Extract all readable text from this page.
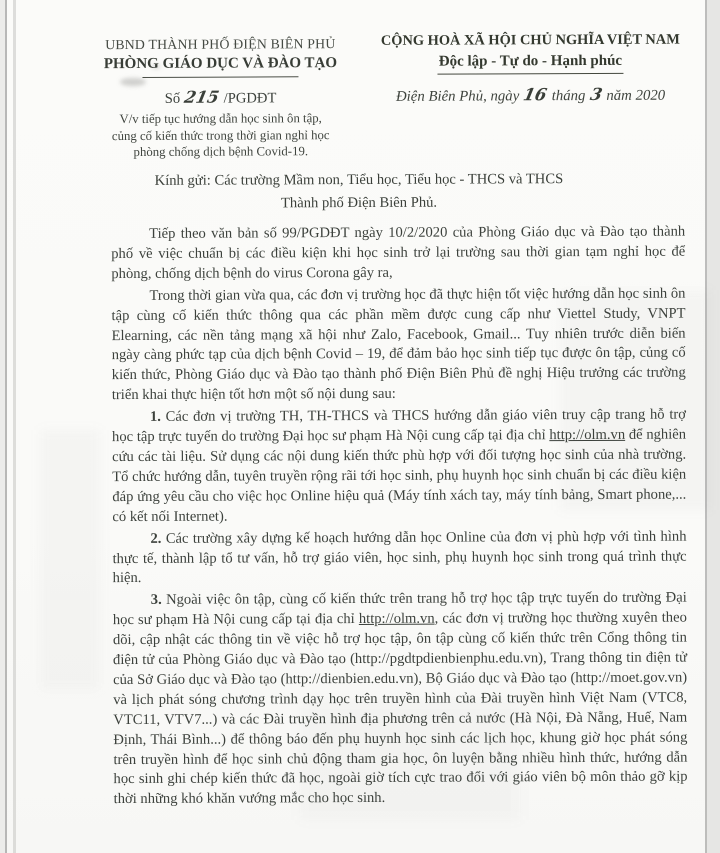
UBND THÀNH PHỐ ĐIỆN BIÊN PHỦ
PHÒNG GIÁO DỤC VÀ ĐÀO TẠO
CỘNG HOÀ XÃ HỘI CHỦ NGHĨA VIỆT NAM
Độc lập - Tự do - Hạnh phúc
Số 215 /PGDĐT	Điện Biên Phủ, ngày 16 tháng 3 năm 2020
V/v tiếp tục hướng dẫn học sinh ôn tập,
củng cố kiến thức trong thời gian nghỉ học
phòng chống dịch bệnh Covid-19.
Kính gửi: Các trường Mầm non, Tiểu học, Tiểu học - THCS và THCS
Thành phố Điện Biên Phủ.

Tiếp theo văn bản số 99/PGDĐT ngày 10/2/2020 của Phòng Giáo dục và Đào tạo thành phố về việc chuẩn bị các điều kiện khi học sinh trở lại trường sau thời gian tạm nghỉ học để phòng, chống dịch bệnh do virus Corona gây ra,

Trong thời gian vừa qua, các đơn vị trường học đã thực hiện tốt việc hướng dẫn học sinh ôn tập cùng cố kiến thức thông qua các phần mềm được cung cấp như Viettel Study, VNPT Elearning, các nền tảng mạng xã hội như Zalo, Facebook, Gmail... Tuy nhiên trước diễn biến ngày càng phức tạp của dịch bệnh Covid – 19, để đảm bảo học sinh tiếp tục được ôn tập, củng cố kiến thức, Phòng Giáo dục và Đào tạo thành phố Điện Biên Phủ đề nghị Hiệu trưởng các trường triển khai thực hiện tốt hơn một số nội dung sau:

1. Các đơn vị trường TH, TH-THCS và THCS hướng dẫn giáo viên truy cập trang hỗ trợ học tập trực tuyến do trường Đại học sư phạm Hà Nội cung cấp tại địa chỉ http://olm.vn để nghiên cứu các tài liệu. Sử dụng các nội dung kiến thức phù hợp với đối tượng học sinh của nhà trường. Tổ chức hướng dẫn, tuyên truyền rộng rãi tới học sinh, phụ huynh học sinh chuẩn bị các điều kiện đáp ứng yêu cầu cho việc học Online hiệu quả (Máy tính xách tay, máy tính bảng, Smart phone,... có kết nối Internet).

2. Các trường xây dựng kế hoạch hướng dẫn học Online của đơn vị phù hợp với tình hình thực tế, thành lập tổ tư vấn, hỗ trợ giáo viên, học sinh, phụ huynh học sinh trong quá trình thực hiện.

3. Ngoài việc ôn tập, cùng cố kiến thức trên trang hỗ trợ học tập trực tuyến do trường Đại học sư phạm Hà Nội cung cấp tại địa chỉ http://olm.vn, các đơn vị trường học thường xuyên theo dõi, cập nhật các thông tin về việc hỗ trợ học tập, ôn tập cùng cố kiến thức trên Cổng thông tin điện tử của Phòng Giáo dục và Đào tạo (http://pgdtpdienbienphu.edu.vn), Trang thông tin điện tử của Sở Giáo dục và Đào tạo (http://dienbien.edu.vn), Bộ Giáo dục và Đào tạo (http://moet.gov.vn) và lịch phát sóng chương trình dạy học trên truyền hình của Đài truyền hình Việt Nam (VTC8, VTC11, VTV7...) và các Đài truyền hình địa phương trên cả nước (Hà Nội, Đà Nẵng, Huế, Nam Định, Thái Bình...) để thông báo đến phụ huynh học sinh các lịch học, khung giờ học phát sóng trên truyền hình để học sinh chủ động tham gia học, ôn luyện bằng nhiều hình thức, hướng dẫn học sinh ghi chép kiến thức đã học, ngoài giờ tích cực trao đổi với giáo viên bộ môn thảo gỡ kịp thời những khó khăn vướng mắc cho học sinh.
